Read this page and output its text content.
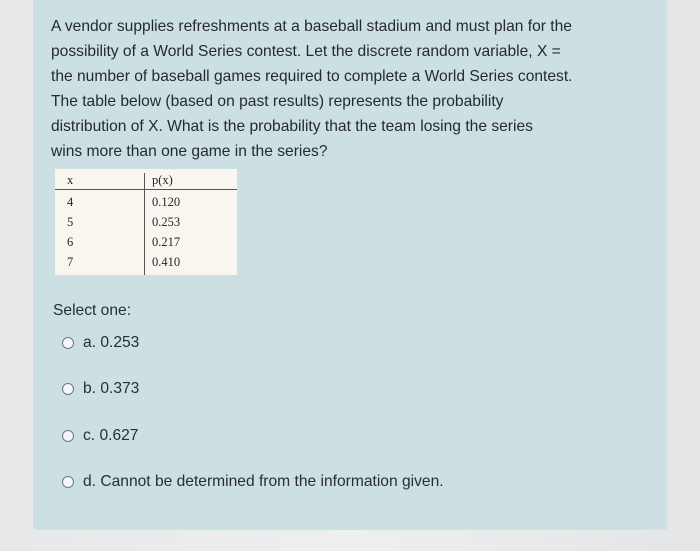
A vendor supplies refreshments at a baseball stadium and must plan for the
possibility of a World Series contest. Let the discrete random variable, X =
the number of baseball games required to complete a World Series contest.
The table below (based on past results) represents the probability
distribution of X. What is the probability that the team losing the series
wins more than one game in the series?

x	p(x)
4	0.120
5	0.253
6	0.217
7	0.410
Select one:
a. 0.253
b. 0.373
c. 0.627
d. Cannot be determined from the information given.
